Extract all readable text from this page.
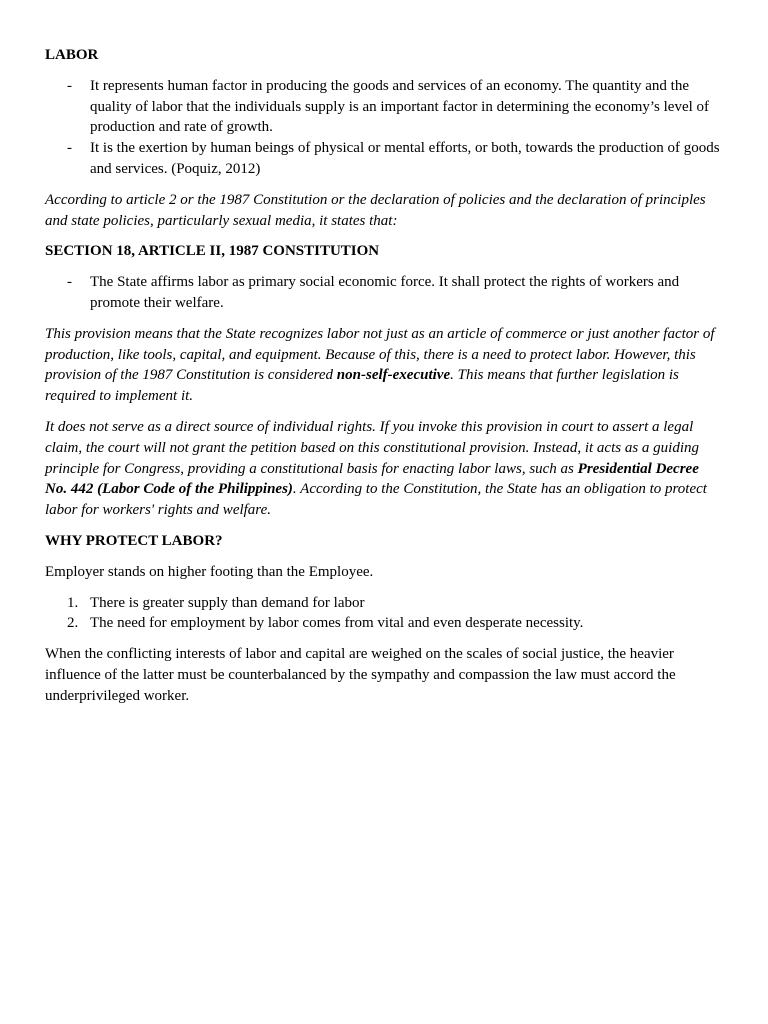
LABOR
- It represents human factor in producing the goods and services of an economy. The quantity and the quality of labor that the individuals supply is an important factor in determining the economy’s level of production and rate of growth.
- It is the exertion by human beings of physical or mental efforts, or both, towards the production of goods and services. (Poquiz, 2012)

According to article 2 or the 1987 Constitution or the declaration of policies and the declaration of principles and state policies, particularly sexual media, it states that:

SECTION 18, ARTICLE II, 1987 CONSTITUTION
- The State affirms labor as primary social economic force. It shall protect the rights of workers and promote their welfare.

This provision means that the State recognizes labor not just as an article of commerce or just another factor of production, like tools, capital, and equipment. Because of this, there is a need to protect labor. However, this provision of the 1987 Constitution is considered non-self-executive. This means that further legislation is required to implement it.

It does not serve as a direct source of individual rights. If you invoke this provision in court to assert a legal claim, the court will not grant the petition based on this constitutional provision. Instead, it acts as a guiding principle for Congress, providing a constitutional basis for enacting labor laws, such as Presidential Decree No. 442 (Labor Code of the Philippines). According to the Constitution, the State has an obligation to protect labor for workers' rights and welfare.

WHY PROTECT LABOR?

Employer stands on higher footing than the Employee.

1. There is greater supply than demand for labor
2. The need for employment by labor comes from vital and even desperate necessity.

When the conflicting interests of labor and capital are weighed on the scales of social justice, the heavier influence of the latter must be counterbalanced by the sympathy and compassion the law must accord the underprivileged worker.
